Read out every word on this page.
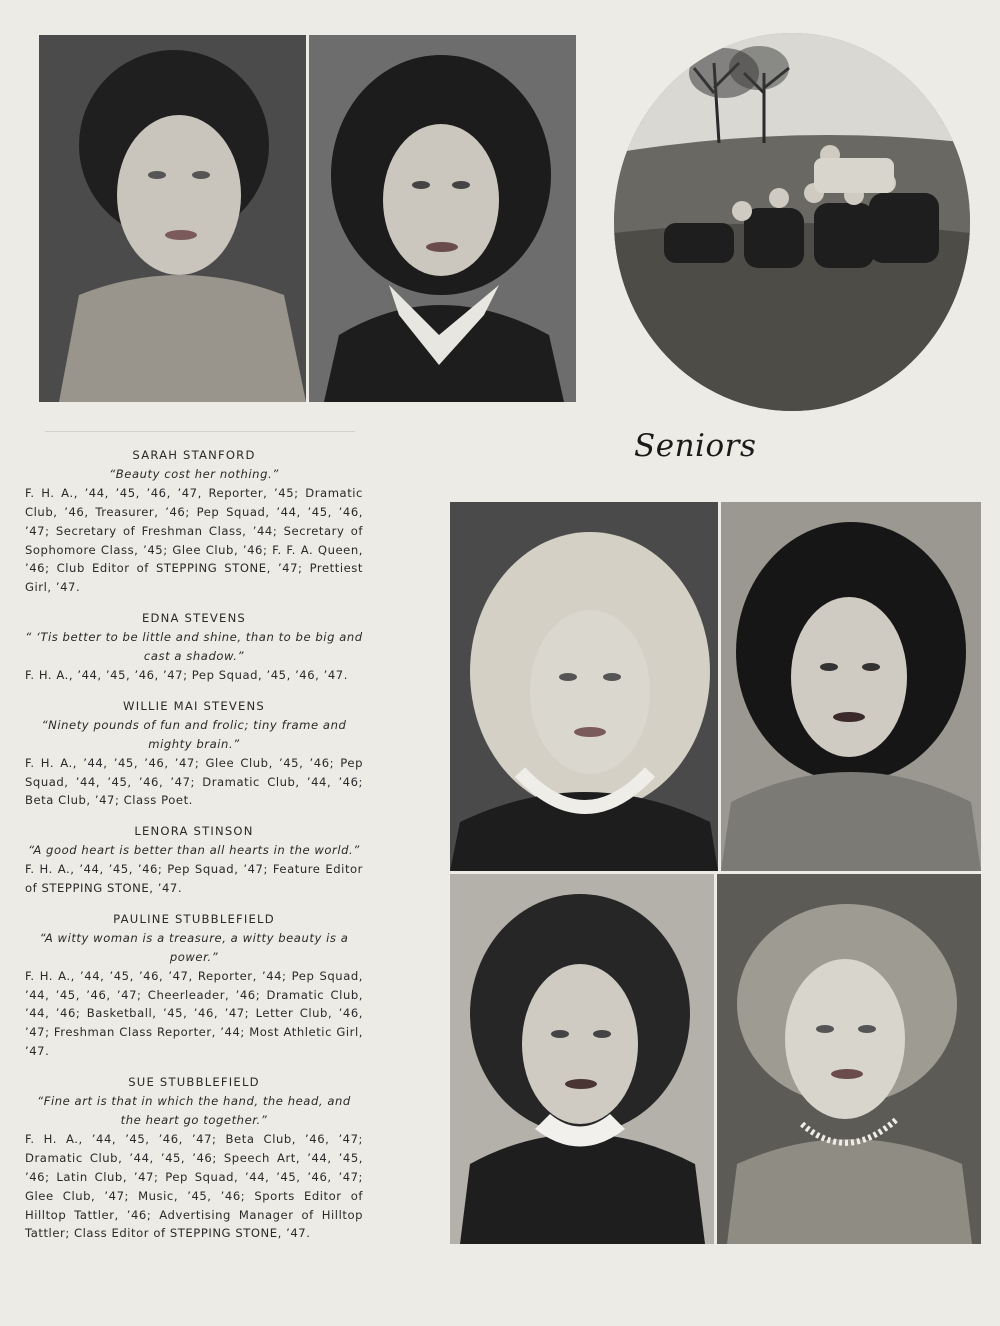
Seniors
SARAH STANFORD
“Beauty cost her nothing.”
F. H. A., ’44, ’45, ’46, ’47, Reporter, ’45; Dramatic Club, ’46, Treasurer, ’46; Pep Squad, ’44, ’45, ’46, ’47; Secretary of Freshman Class, ’44; Secretary of Sophomore Class, ’45; Glee Club, ’46; F. F. A. Queen, ’46; Club Editor of STEPPING STONE, ’47; Prettiest Girl, ’47.
EDNA STEVENS
“ ‘Tis better to be little and shine, than to be big and cast a shadow.”
F. H. A., ’44, ’45, ’46, ’47; Pep Squad, ’45, ’46, ’47.
WILLIE MAI STEVENS
“Ninety pounds of fun and frolic; tiny frame and mighty brain.”
F. H. A., ’44, ’45, ’46, ’47; Glee Club, ’45, ’46; Pep Squad, ’44, ’45, ’46, ’47; Dramatic Club, ’44, ’46; Beta Club, ’47; Class Poet.
LENORA STINSON
“A good heart is better than all hearts in the world.”
F. H. A., ’44, ’45, ’46; Pep Squad, ’47; Feature Editor of STEPPING STONE, ’47.
PAULINE STUBBLEFIELD
“A witty woman is a treasure, a witty beauty is a power.”
F. H. A., ’44, ’45, ’46, ’47, Reporter, ’44; Pep Squad, ’44, ’45, ’46, ’47; Cheerleader, ’46; Dramatic Club, ’44, ’46; Basketball, ’45, ’46, ’47; Letter Club, ’46, ’47; Freshman Class Reporter, ’44; Most Athletic Girl, ’47.
SUE STUBBLEFIELD
“Fine art is that in which the hand, the head, and the heart go together.”
F. H. A., ’44, ’45, ’46, ’47; Beta Club, ’46, ’47; Dramatic Club, ’44, ’45, ’46; Speech Art, ’44, ’45, ’46; Latin Club, ’47; Pep Squad, ’44, ’45, ’46, ’47; Glee Club, ’47; Music, ’45, ’46; Sports Editor of Hilltop Tattler, ’46; Advertising Manager of Hilltop Tattler; Class Editor of STEPPING STONE, ’47.
